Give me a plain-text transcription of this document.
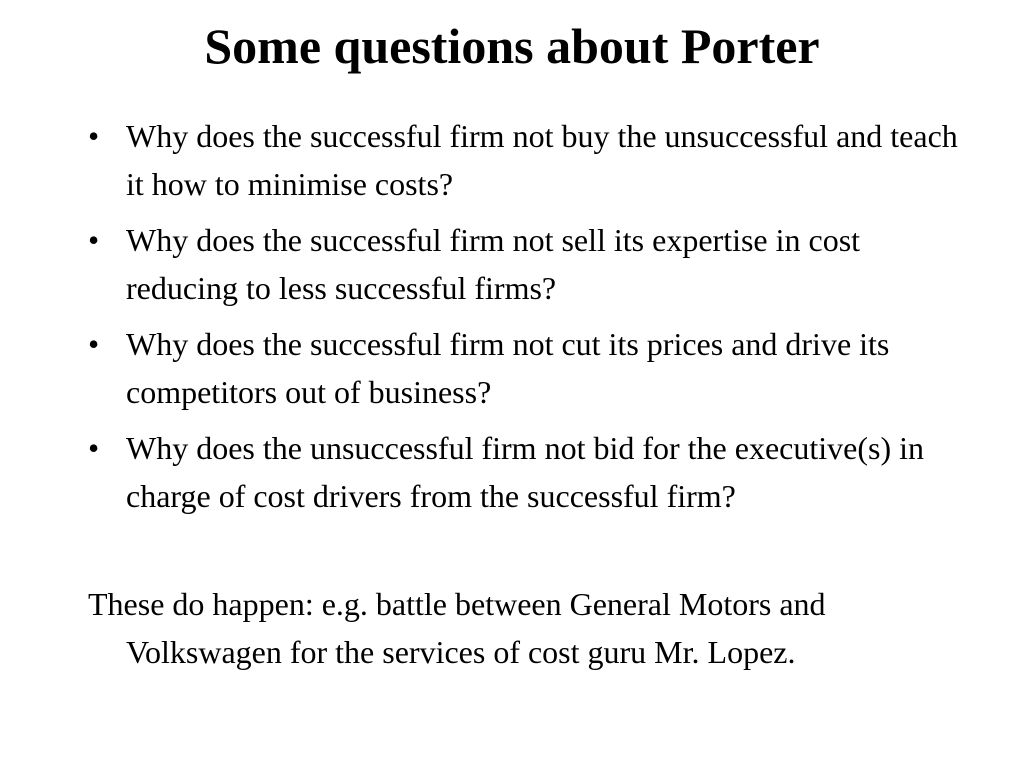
Some questions about Porter
• Why does the successful firm not buy the unsuccessful and teach it how to minimise costs?
• Why does the successful firm not sell its expertise in cost reducing to less successful firms?
• Why does the successful firm not cut its prices and drive its competitors out of business?
• Why does the unsuccessful firm not bid for the executive(s) in charge of cost drivers from the successful firm?

These do happen: e.g. battle between General Motors and Volkswagen for the services of cost guru Mr. Lopez.
